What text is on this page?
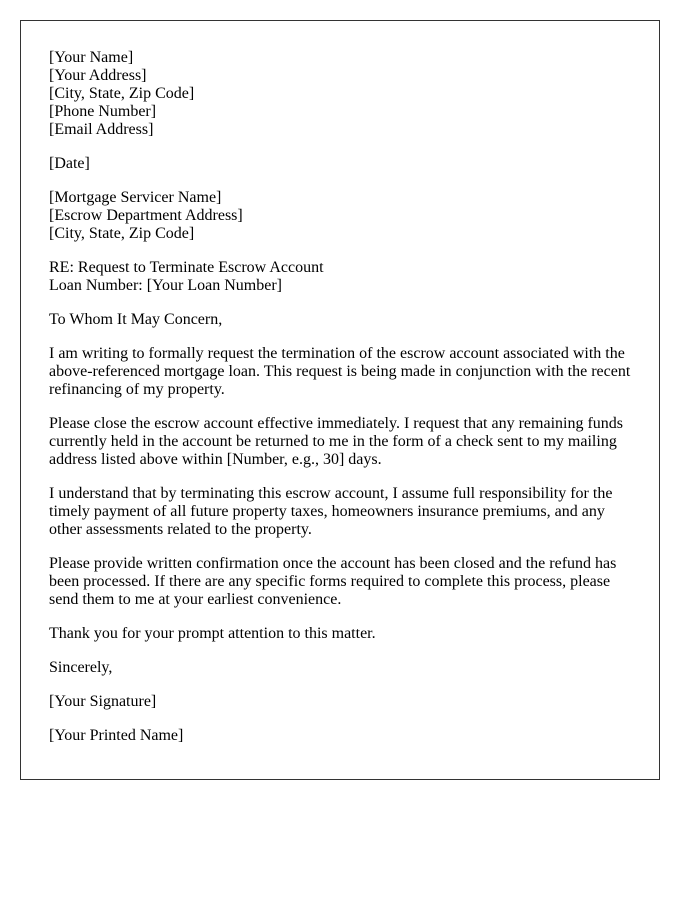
[Your Name]
[Your Address]
[City, State, Zip Code]
[Phone Number]
[Email Address]
[Date]
[Mortgage Servicer Name]
[Escrow Department Address]
[City, State, Zip Code]
RE: Request to Terminate Escrow Account
Loan Number: [Your Loan Number]
To Whom It May Concern,
I am writing to formally request the termination of the escrow account associated with the
above-referenced mortgage loan. This request is being made in conjunction with the recent
refinancing of my property.
Please close the escrow account effective immediately. I request that any remaining funds
currently held in the account be returned to me in the form of a check sent to my mailing
address listed above within [Number, e.g., 30] days.
I understand that by terminating this escrow account, I assume full responsibility for the
timely payment of all future property taxes, homeowners insurance premiums, and any
other assessments related to the property.
Please provide written confirmation once the account has been closed and the refund has
been processed. If there are any specific forms required to complete this process, please
send them to me at your earliest convenience.
Thank you for your prompt attention to this matter.
Sincerely,
[Your Signature]
[Your Printed Name]
